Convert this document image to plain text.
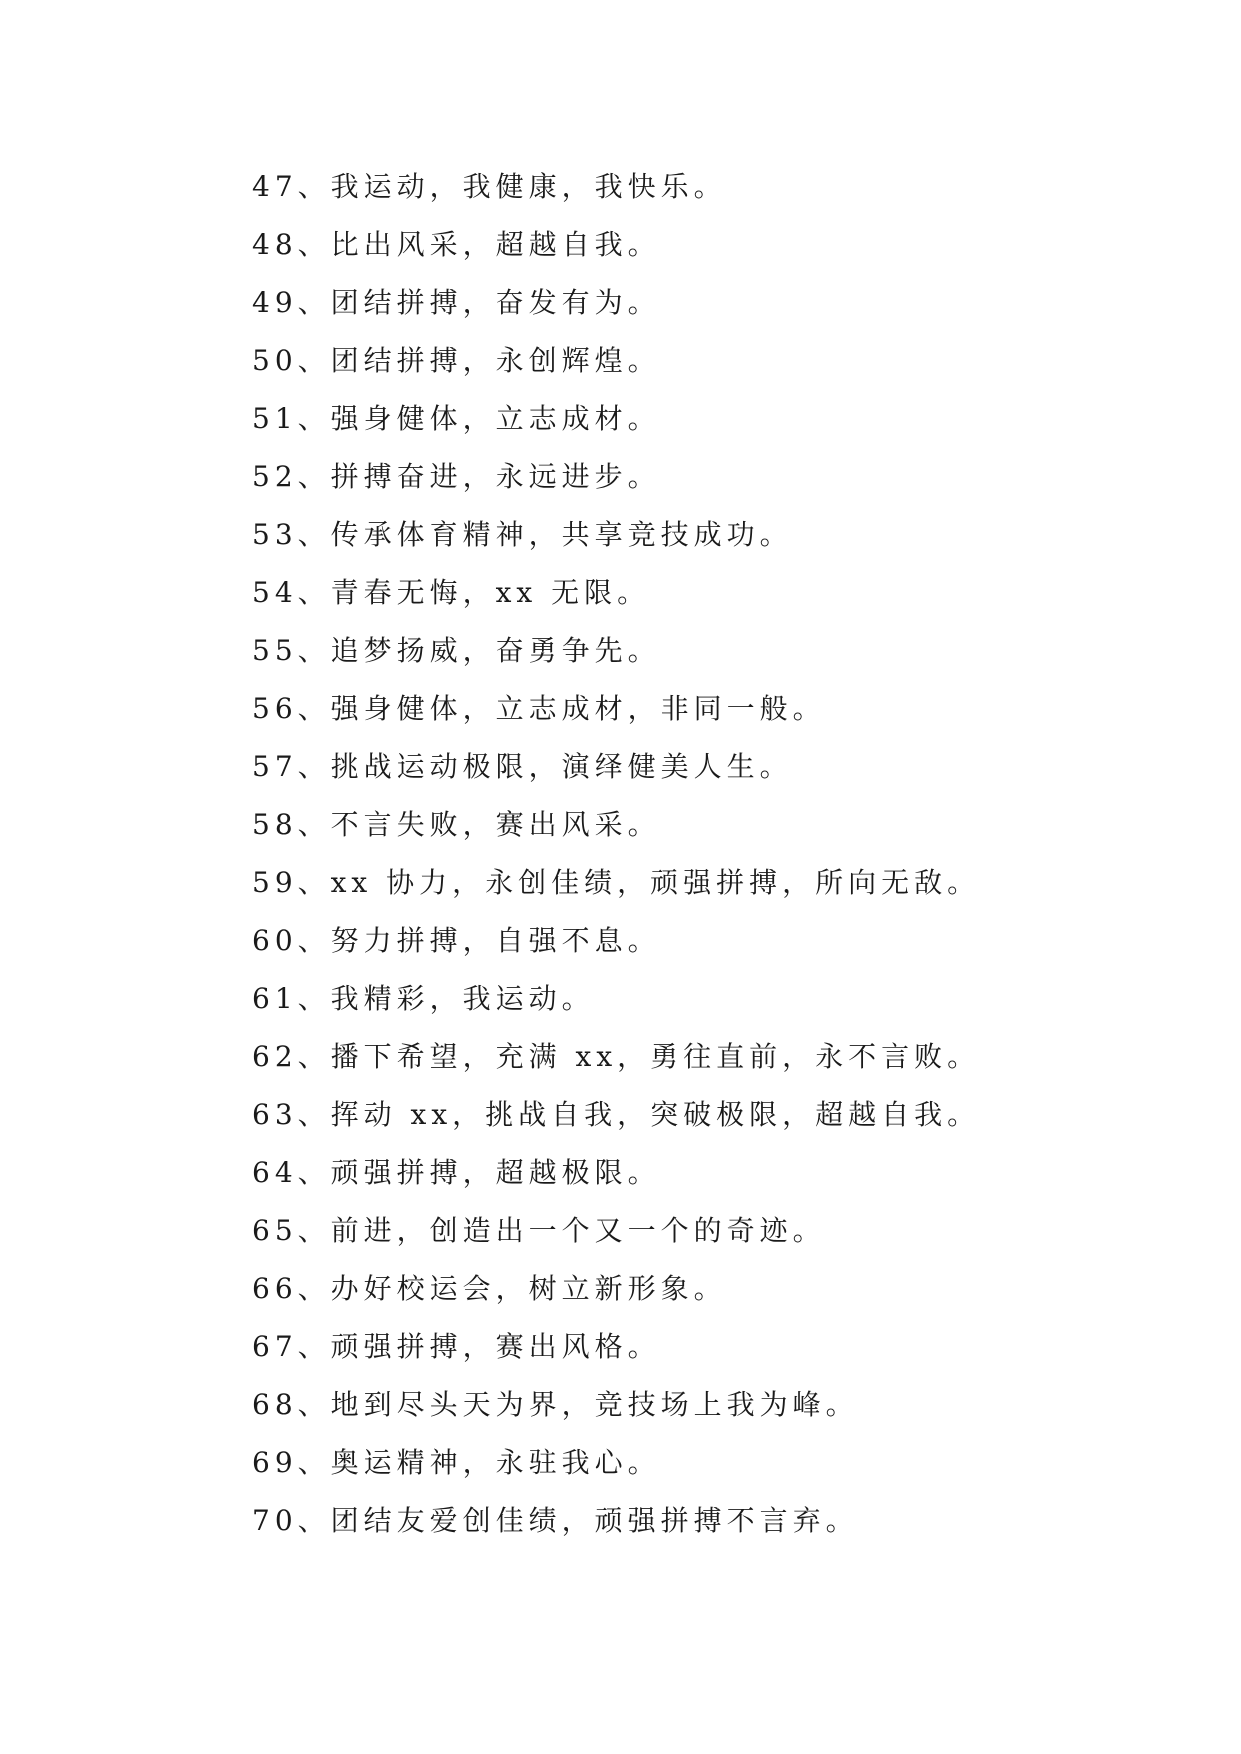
47、我运动，我健康，我快乐。
48、比出风采，超越自我。
49、团结拼搏，奋发有为。
50、团结拼搏，永创辉煌。
51、强身健体，立志成材。
52、拼搏奋进，永远进步。
53、传承体育精神，共享竞技成功。
54、青春无悔，xx 无限。
55、追梦扬威，奋勇争先。
56、强身健体，立志成材，非同一般。
57、挑战运动极限，演绎健美人生。
58、不言失败，赛出风采。
59、xx 协力，永创佳绩，顽强拼搏，所向无敌。
60、努力拼搏，自强不息。
61、我精彩，我运动。
62、播下希望，充满 xx，勇往直前，永不言败。
63、挥动 xx，挑战自我，突破极限，超越自我。
64、顽强拼搏，超越极限。
65、前进，创造出一个又一个的奇迹。
66、办好校运会，树立新形象。
67、顽强拼搏，赛出风格。
68、地到尽头天为界，竞技场上我为峰。
69、奥运精神，永驻我心。
70、团结友爱创佳绩，顽强拼搏不言弃。
